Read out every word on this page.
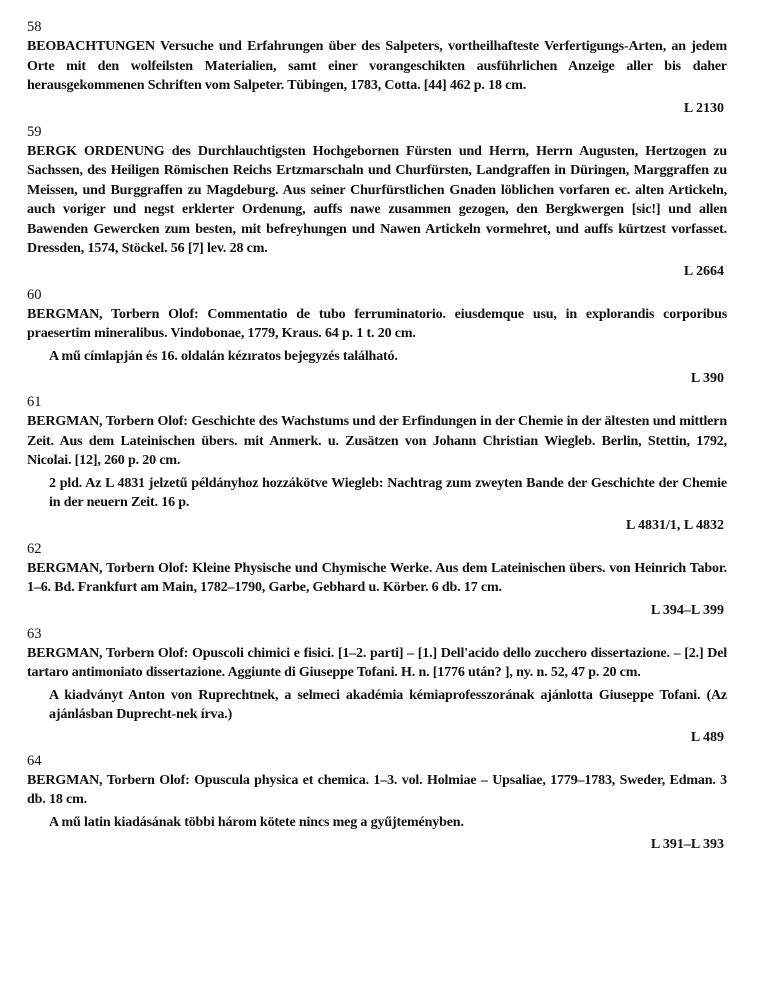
58
BEOBACHTUNGEN Versuche und Erfahrungen über des Salpeters, vortheilhafteste Verfertigungs-Arten, an jedem Orte mit den wolfeilsten Materialien, samt einer vorangeschikten ausführlichen Anzeige aller bis daher herausgekommenen Schriften vom Salpeter. Tübingen, 1783, Cotta. [44] 462 p. 18 cm.
L 2130
59
BERGK ORDENUNG des Durchlauchtigsten Hochgebornen Fürsten und Herrn, Herrn Augusten, Hertzogen zu Sachssen, des Heiligen Römischen Reichs Ertzmarschaln und Churfürsten, Landgraffen in Düringen, Marggraffen zu Meissen, und Burggraffen zu Magdeburg. Aus seiner Churfürstlichen Gnaden löblichen vorfaren ec. alten Artickeln, auch voriger und negst erklerter Ordenung, auffs nawe zusammen gezogen, den Bergkwergen [sic!] und allen Bawenden Gewercken zum besten, mit befreyhungen und Nawen Artickeln vormehret, und auffs kürtzest vorfasset. Dressden, 1574, Stöckel. 56 [7] lev. 28 cm.
L 2664
60
BERGMAN, Torbern Olof: Commentatio de tubo ferruminatorio. eiusdemque usu, in explorandis corporibus praesertim mineralibus. Vindobonae, 1779, Kraus. 64 p. 1 t. 20 cm.
A mű címlapján és 16. oldalán kézıratos bejegyzés található.
L 390
61
BERGMAN, Torbern Olof: Geschichte des Wachstums und der Erfindungen in der Chemie in der ältesten und mittlern Zeit. Aus dem Lateinischen übers. mit Anmerk. u. Zusätzen von Johann Christian Wiegleb. Berlin, Stettin, 1792, Nicolai. [12], 260 p. 20 cm.
2 pld. Az L 4831 jelzetű példányhoz hozzákötve Wiegleb: Nachtrag zum zweyten Bande der Geschichte der Chemie in der neuern Zeit. 16 p.
L 4831/1, L 4832
62
BERGMAN, Torbern Olof: Kleine Physische und Chymische Werke. Aus dem Lateinischen übers. von Heinrich Tabor. 1–6. Bd. Frankfurt am Main, 1782–1790, Garbe, Gebhard u. Körber. 6 db. 17 cm.
L 394–L 399
63
BERGMAN, Torbern Olof: Opuscoli chimici e fisici. [1–2. parti] – [1.] Dell'acido dello zucchero dissertazione. – [2.] Del tartaro antimoniato dissertazione. Aggiunte di Giuseppe Tofani. H. n. [1776 után? ], ny. n. 52, 47 p. 20 cm.
A kiadványt Anton von Ruprechtnek, a selmeci akadémia kémiaprofesszorának ajánlotta Giuseppe Tofani. (Az ajánlásban Duprecht-nek írva.)
L 489
64
BERGMAN, Torbern Olof: Opuscula physica et chemica. 1–3. vol. Holmiae – Upsaliae, 1779–1783, Sweder, Edman. 3 db. 18 cm.
A mű latin kiadásának többi három kötete nincs meg a gyűjteményben.
L 391–L 393
